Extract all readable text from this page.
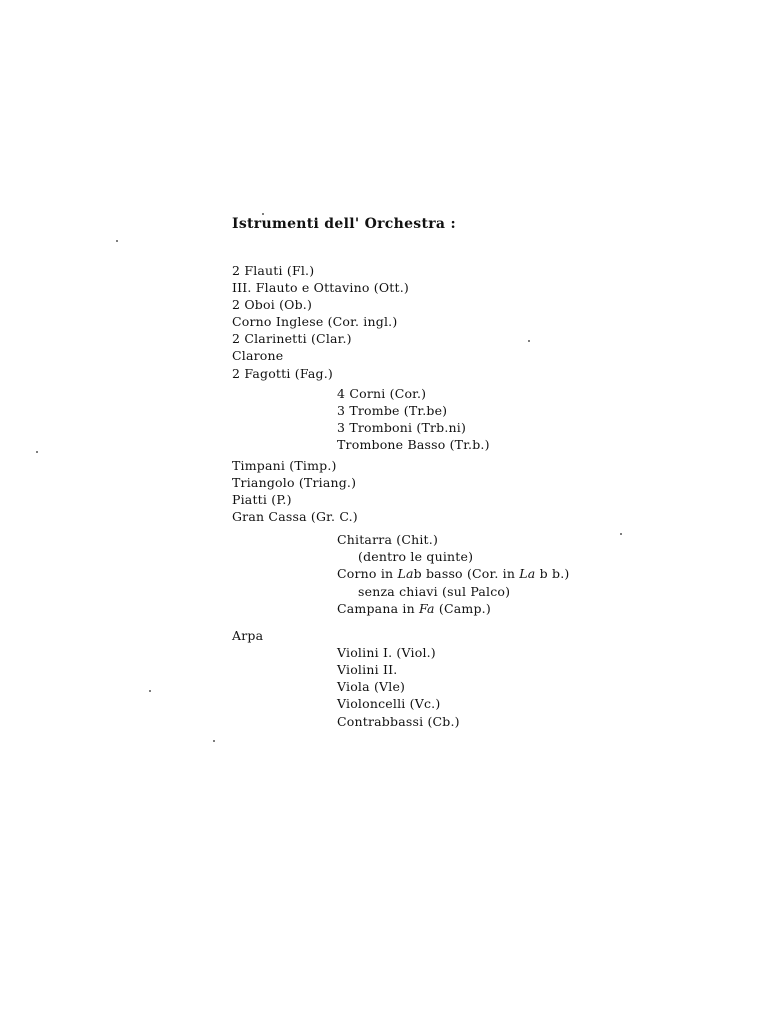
Istrumenti dell' Orchestra :
2 Flauti (Fl.)
III. Flauto e Ottavino (Ott.)
2 Oboi (Ob.)
Corno Inglese (Cor. ingl.)
2 Clarinetti (Clar.)
Clarone
2 Fagotti (Fag.)
4 Corni (Cor.)
3 Trombe (Tr.be)
3 Tromboni (Trb.ni)
Trombone Basso (Tr.b.)
Timpani (Timp.)
Triangolo (Triang.)
Piatti (P.)
Gran Cassa (Gr. C.)
Chitarra (Chit.)
(dentro le quinte)
Corno in Lab basso (Cor. in La b b.)
senza chiavi (sul Palco)
Campana in Fa (Camp.)
Arpa
Violini I. (Viol.)
Violini II.
Viola (Vle)
Violoncelli (Vc.)
Contrabbassi (Cb.)
